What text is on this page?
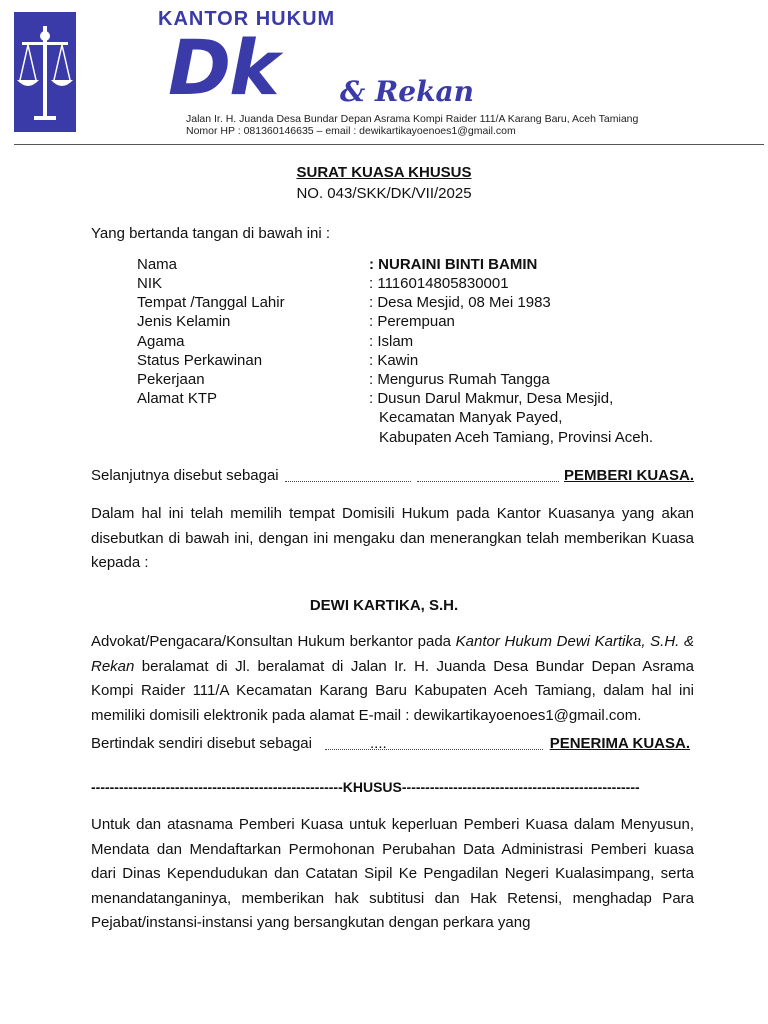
KANTOR HUKUM
Dk & Rekan
Jalan Ir. H. Juanda Desa Bundar Depan Asrama Kompi Raider 111/A Karang Baru, Aceh Tamiang
Nomor HP : 081360146635 – email : dewikartikayoenoes1@gmail.com
SURAT KUASA KHUSUS
NO. 043/SKK/DK/VII/2025
Yang bertanda tangan di bawah ini :
Nama	: NURAINI BINTI BAMIN
NIK	: 1116014805830001
Tempat /Tanggal Lahir	: Desa Mesjid, 08 Mei 1983
Jenis Kelamin	: Perempuan
Agama	: Islam
Status Perkawinan	: Kawin
Pekerjaan	: Mengurus Rumah Tangga
Alamat KTP	: Dusun Darul Makmur, Desa Mesjid,
Kecamatan Manyak Payed,
Kabupaten Aceh Tamiang, Provinsi Aceh.
Selanjutnya disebut sebagai	PEMBERI KUASA.
Dalam hal ini telah memilih tempat Domisili Hukum pada Kantor Kuasanya yang akan disebutkan di bawah ini, dengan ini mengaku dan menerangkan telah memberikan Kuasa kepada :
DEWI KARTIKA, S.H.
Advokat/Pengacara/Konsultan Hukum berkantor pada Kantor Hukum Dewi Kartika, S.H. & Rekan beralamat di Jl. beralamat di Jalan Ir. H. Juanda Desa Bundar Depan Asrama Kompi Raider 111/A Kecamatan Karang Baru Kabupaten Aceh Tamiang, dalam hal ini memiliki domisili elektronik pada alamat E-mail : dewikartikayoenoes1@gmail.com.
Bertindak sendiri disebut sebagai	....	PENERIMA KUASA.
------------------------------------------------------KHUSUS---------------------------------------------------
Untuk dan atasnama Pemberi Kuasa untuk keperluan Pemberi Kuasa dalam Menyusun, Mendata dan Mendaftarkan Permohonan Perubahan Data Administrasi Pemberi kuasa dari Dinas Kependudukan dan Catatan Sipil Ke Pengadilan Negeri Kualasimpang, serta menandatanganinya, memberikan hak subtitusi dan Hak Retensi, menghadap Para Pejabat/instansi-instansi yang bersangkutan dengan perkara yang
